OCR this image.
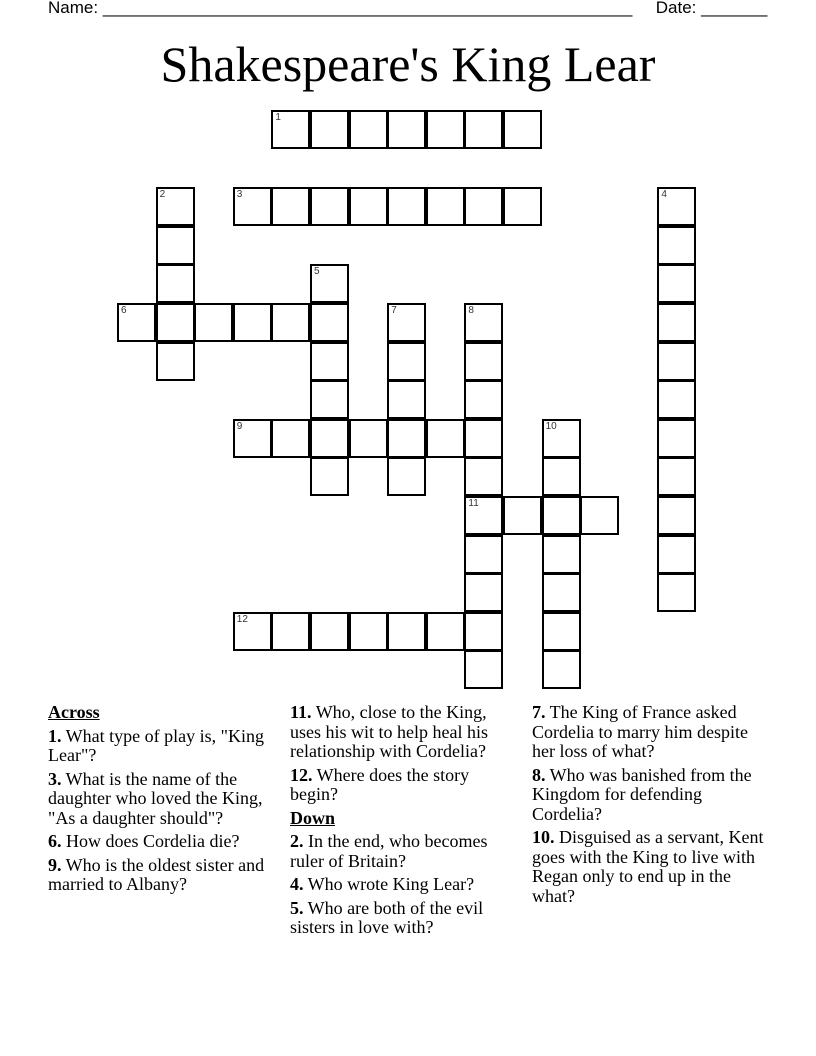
Name: ________________________________________________________ Date: _______
Shakespeare's King Lear
1
2	3	4
5
6	7	8
11
9	10
12
Across
1. What type of play is, "King Lear"?
3. What is the name of the daughter who loved the King, "As a daughter should"?
6. How does Cordelia die?
9. Who is the oldest sister and married to Albany?
11. Who, close to the King, uses his wit to help heal his relationship with Cordelia?
12. Where does the story begin?
Down
2. In the end, who becomes ruler of Britain?
4. Who wrote King Lear?
5. Who are both of the evil sisters in love with?
7. The King of France asked Cordelia to marry him despite her loss of what?
8. Who was banished from the Kingdom for defending Cordelia?
10. Disguised as a servant, Kent goes with the King to live with Regan only to end up in the what?
